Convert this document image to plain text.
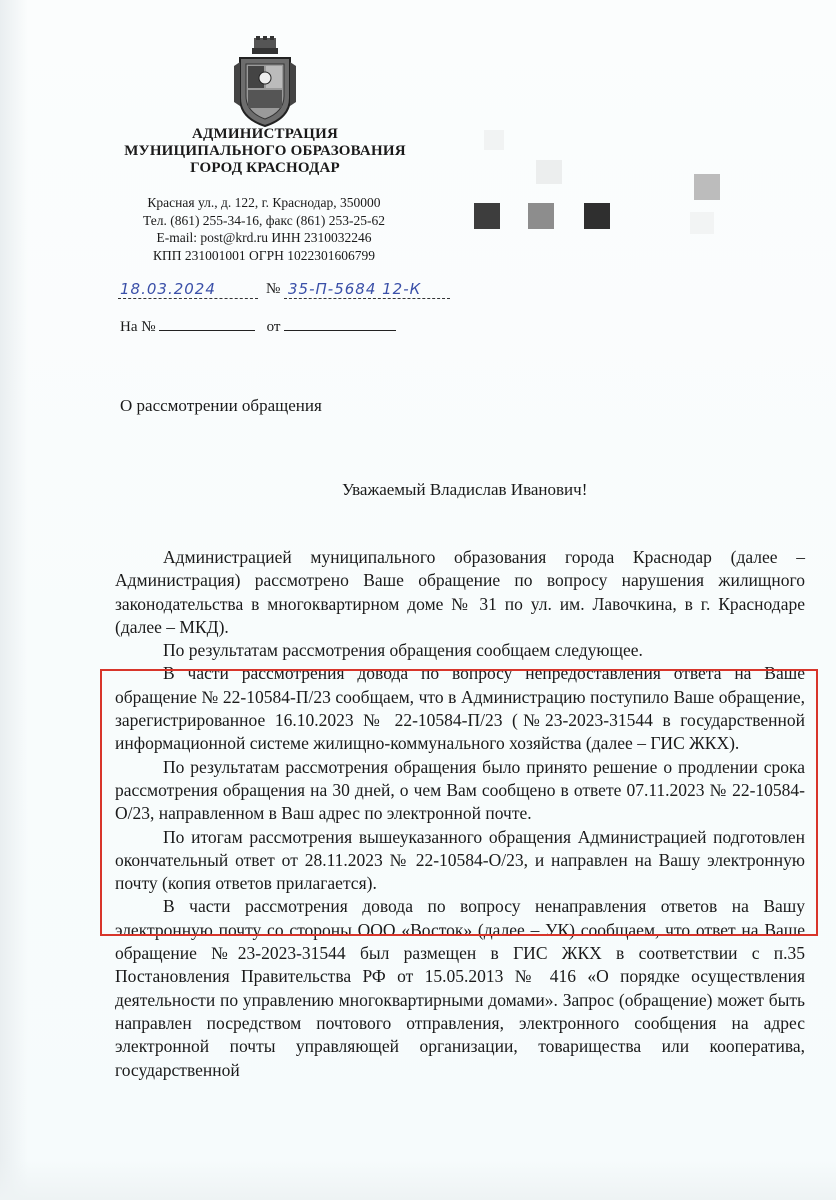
АДМИНИСТРАЦИЯ
МУНИЦИПАЛЬНОГО ОБРАЗОВАНИЯ
ГОРОД КРАСНОДАР
Красная ул., д. 122, г. Краснодар, 350000
Тел. (861) 255-34-16, факс (861) 253-25-62
E-mail: post@krd.ru ИНН 2310032246
КПП 231001001 ОГРН 1022301606799
18.03.2024	№ 35-П-5684 12-К
На №	от
О рассмотрении обращения
Уважаемый Владислав Иванович!

Администрацией муниципального образования города Краснодар (далее – Администрация) рассмотрено Ваше обращение по вопросу нарушения жилищного законодательства в многоквартирном доме № 31 по ул. им. Лавочкина, в г. Краснодаре (далее – МКД).

По результатам рассмотрения обращения сообщаем следующее.

В части рассмотрения довода по вопросу непредоставления ответа на Ваше обращение № 22-10584-П/23 сообщаем, что в Администрацию поступило Ваше обращение, зарегистрированное 16.10.2023 № 22-10584-П/23 (№23-2023-31544 в государственной информационной системе жилищно-коммунального хозяйства (далее – ГИС ЖКХ).

По результатам рассмотрения обращения было принято решение о продлении срока рассмотрения обращения на 30 дней, о чем Вам сообщено в ответе 07.11.2023 № 22-10584-О/23, направленном в Ваш адрес по электронной почте.

По итогам рассмотрения вышеуказанного обращения Администрацией подготовлен окончательный ответ от 28.11.2023 № 22-10584-О/23, и направлен на Вашу электронную почту (копия ответов прилагается).

В части рассмотрения довода по вопросу ненаправления ответов на Вашу электронную почту со стороны ООО «Восток» (далее – УК) сообщаем, что ответ на Ваше обращение №23-2023-31544 был размещен в ГИС ЖКХ в соответствии с п.35 Постановления Правительства РФ от 15.05.2013 № 416 «О порядке осуществления деятельности по управлению многоквартирными домами». Запрос (обращение) может быть направлен посредством почтового отправления, электронного сообщения на адрес электронной почты управляющей организации, товарищества или кооператива, государственной
